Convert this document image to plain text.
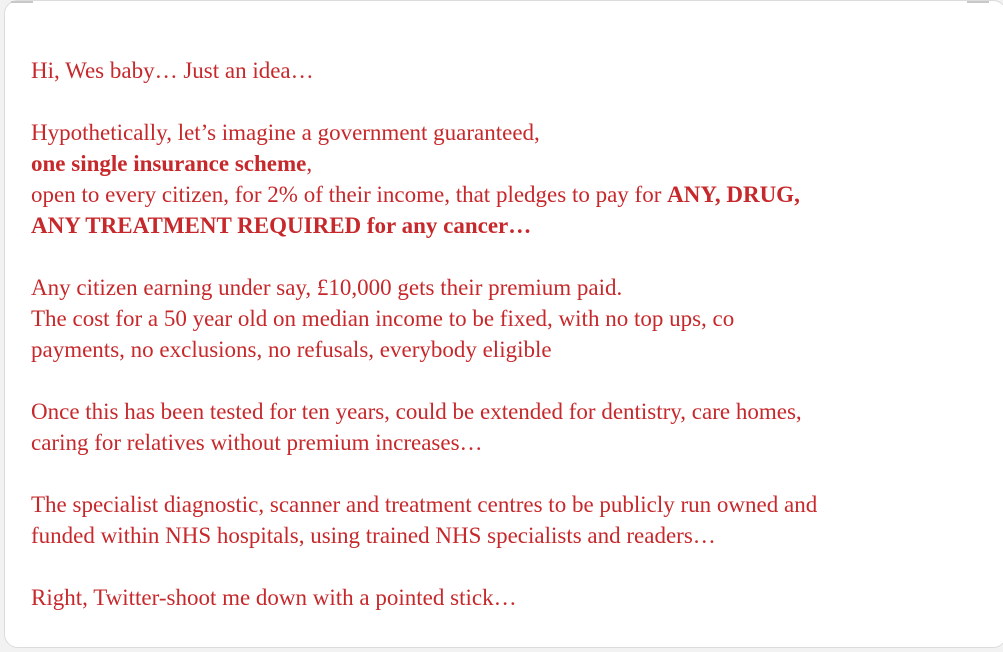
Hi, Wes baby… Just an idea…

Hypothetically, let’s imagine a government guaranteed,
one single insurance scheme,
open to every citizen, for 2% of their income, that pledges to pay for ANY, DRUG,
ANY TREATMENT REQUIRED for any cancer…

Any citizen earning under say, £10,000 gets their premium paid.
The cost for a 50 year old on median income to be fixed, with no top ups, co
payments, no exclusions, no refusals, everybody eligible

Once this has been tested for ten years, could be extended for dentistry, care homes,
caring for relatives without premium increases…

The specialist diagnostic, scanner and treatment centres to be publicly run owned and
funded within NHS hospitals, using trained NHS specialists and readers…

Right, Twitter-shoot me down with a pointed stick…
